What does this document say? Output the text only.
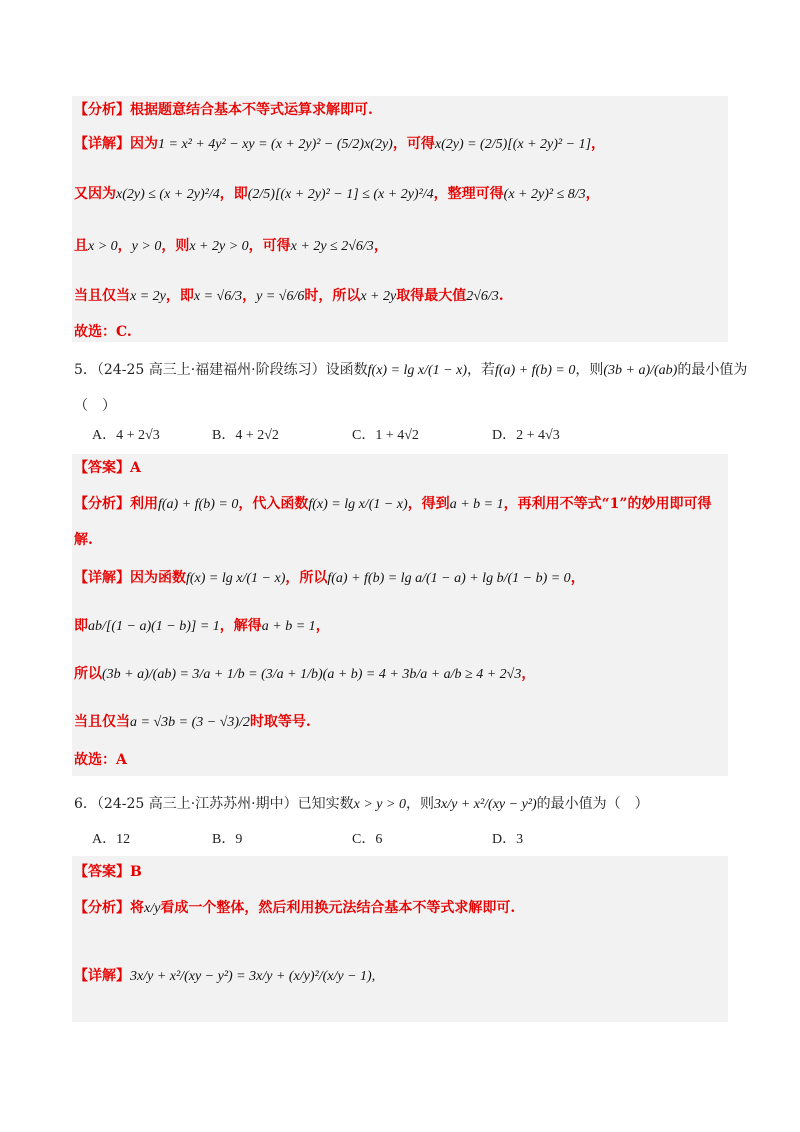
【分析】根据题意结合基本不等式运算求解即可.
【详解】因为1 = x² + 4y² − xy = (x + 2y)² − (5/2)x(2y)，可得x(2y) = (2/5)[(x + 2y)² − 1]，
又因为x(2y) ≤ (x + 2y)²/4，即(2/5)[(x + 2y)² − 1] ≤ (x + 2y)²/4，整理可得(x + 2y)² ≤ 8/3，
且x > 0，y > 0，则x + 2y > 0，可得x + 2y ≤ 2√6/3，
当且仅当x = 2y，即x = √6/3，y = √6/6时，所以x + 2y取得最大值2√6/3.
故选：C.
5．（24-25 高三上·福建福州·阶段练习）设函数f(x) = lg x/(1 − x)，若f(a) + f(b) = 0，则(3b + a)/(ab)的最小值为
（　）
A．4 + 2√3	B．4 + 2√2	C．1 + 4√2	D．2 + 4√3
【答案】A
【分析】利用f(a) + f(b) = 0，代入函数f(x) = lg x/(1 − x)，得到a + b = 1，再利用不等式“1”的妙用即可得
解.
【详解】因为函数f(x) = lg x/(1 − x)，所以f(a) + f(b) = lg a/(1 − a) + lg b/(1 − b) = 0，
即ab/[(1 − a)(1 − b)] = 1，解得a + b = 1，
所以(3b + a)/(ab) = 3/a + 1/b = (3/a + 1/b)(a + b) = 4 + 3b/a + a/b ≥ 4 + 2√3，
当且仅当a = √3b = (3 − √3)/2时取等号.
故选：A
6．（24-25 高三上·江苏苏州·期中）已知实数x > y > 0，则3x/y + x²/(xy − y²)的最小值为（　）
A．12	B．9	C．6	D．3
【答案】B
【分析】将x/y看成一个整体，然后利用换元法结合基本不等式求解即可.
【详解】3x/y + x²/(xy − y²) = 3x/y + (x/y)²/(x/y − 1),
